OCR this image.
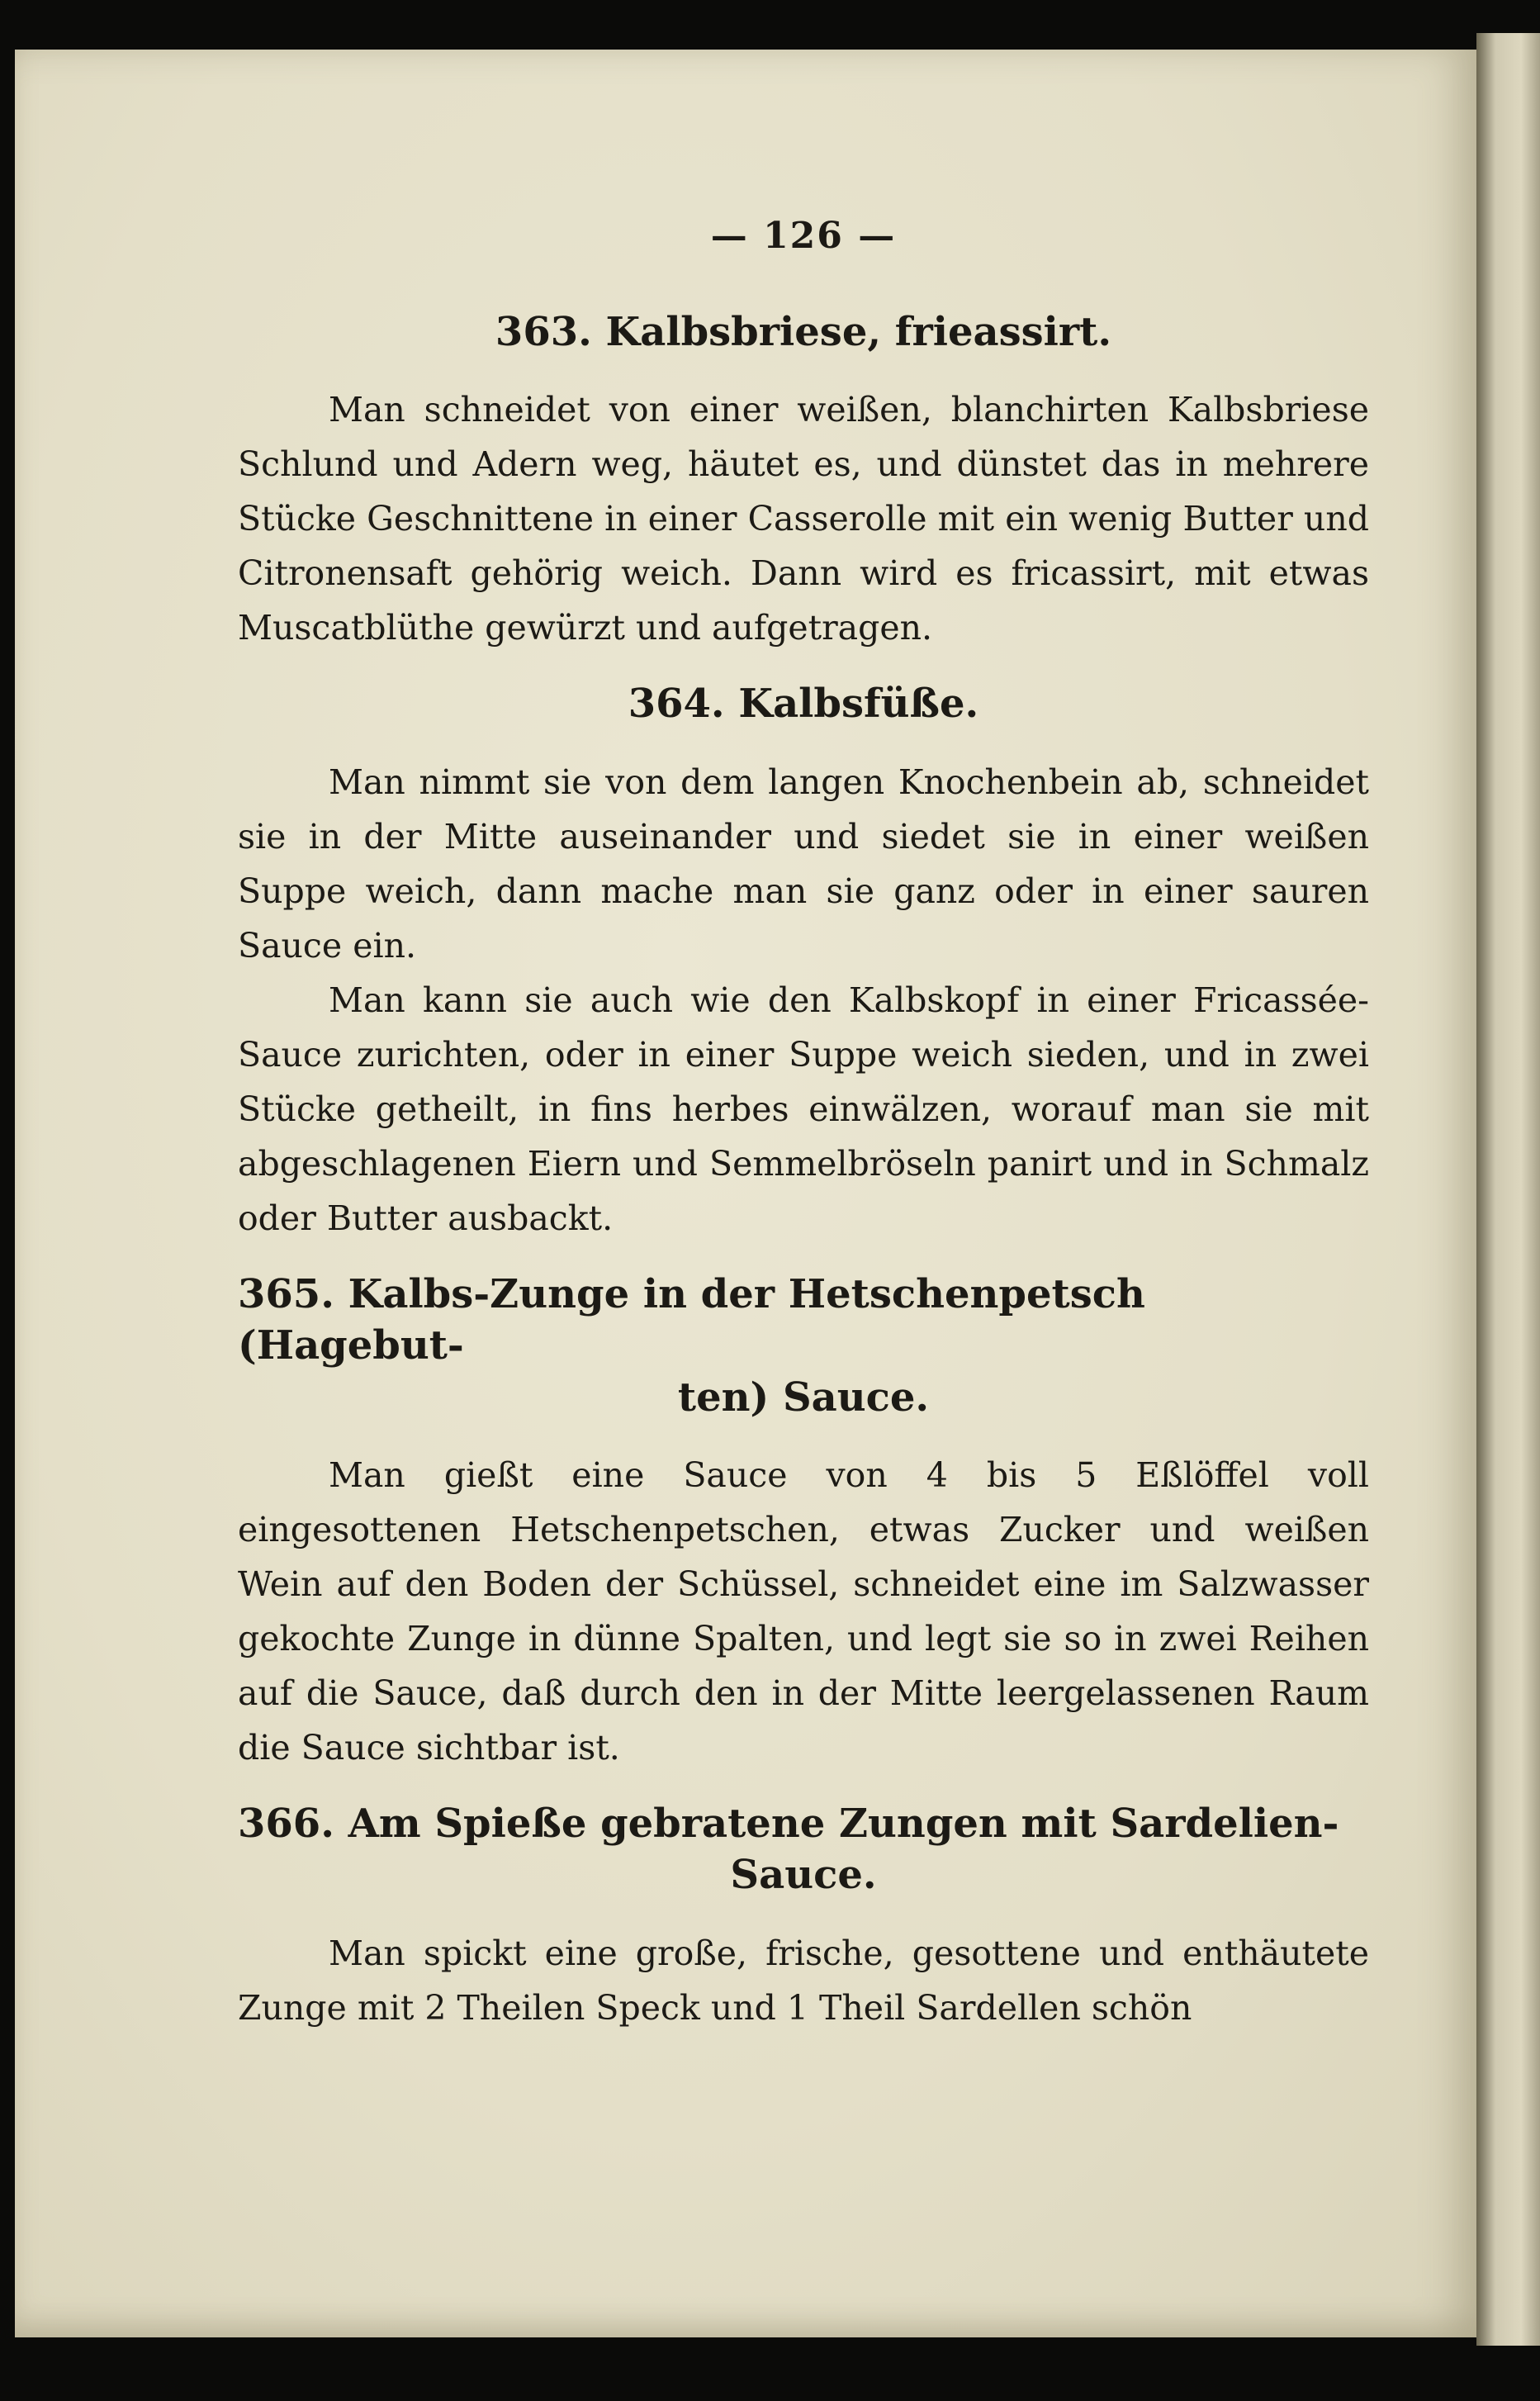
— 126 —
363. Kalbsbriese, frieassirt.

Man schneidet von einer weißen, blanchirten Kalbsbriese Schlund und Adern weg, häutet es, und dünstet das in mehrere Stücke Geschnittene in einer Casserolle mit ein wenig Butter und Citronensaft gehörig weich. Dann wird es fricassirt, mit etwas Muscatblüthe gewürzt und aufgetragen.

364. Kalbsfüße.

Man nimmt sie von dem langen Knochenbein ab, schneidet sie in der Mitte auseinander und siedet sie in einer weißen Suppe weich, dann mache man sie ganz oder in einer sauren Sauce ein.

Man kann sie auch wie den Kalbskopf in einer Fricassée-Sauce zurichten, oder in einer Suppe weich sieden, und in zwei Stücke getheilt, in fins herbes einwälzen, worauf man sie mit abgeschlagenen Eiern und Semmelbröseln panirt und in Schmalz oder Butter ausbackt.

365. Kalbs-Zunge in der Hetschenpetsch (Hagebut-
ten) Sauce.

Man gießt eine Sauce von 4 bis 5 Eßlöffel voll eingesottenen Hetschenpetschen, etwas Zucker und weißen Wein auf den Boden der Schüssel, schneidet eine im Salzwasser gekochte Zunge in dünne Spalten, und legt sie so in zwei Reihen auf die Sauce, daß durch den in der Mitte leergelassenen Raum die Sauce sichtbar ist.

366. Am Spieße gebratene Zungen mit Sardelien-
Sauce.

Man spickt eine große, frische, gesottene und enthäutete Zunge mit 2 Theilen Speck und 1 Theil Sardellen schön
